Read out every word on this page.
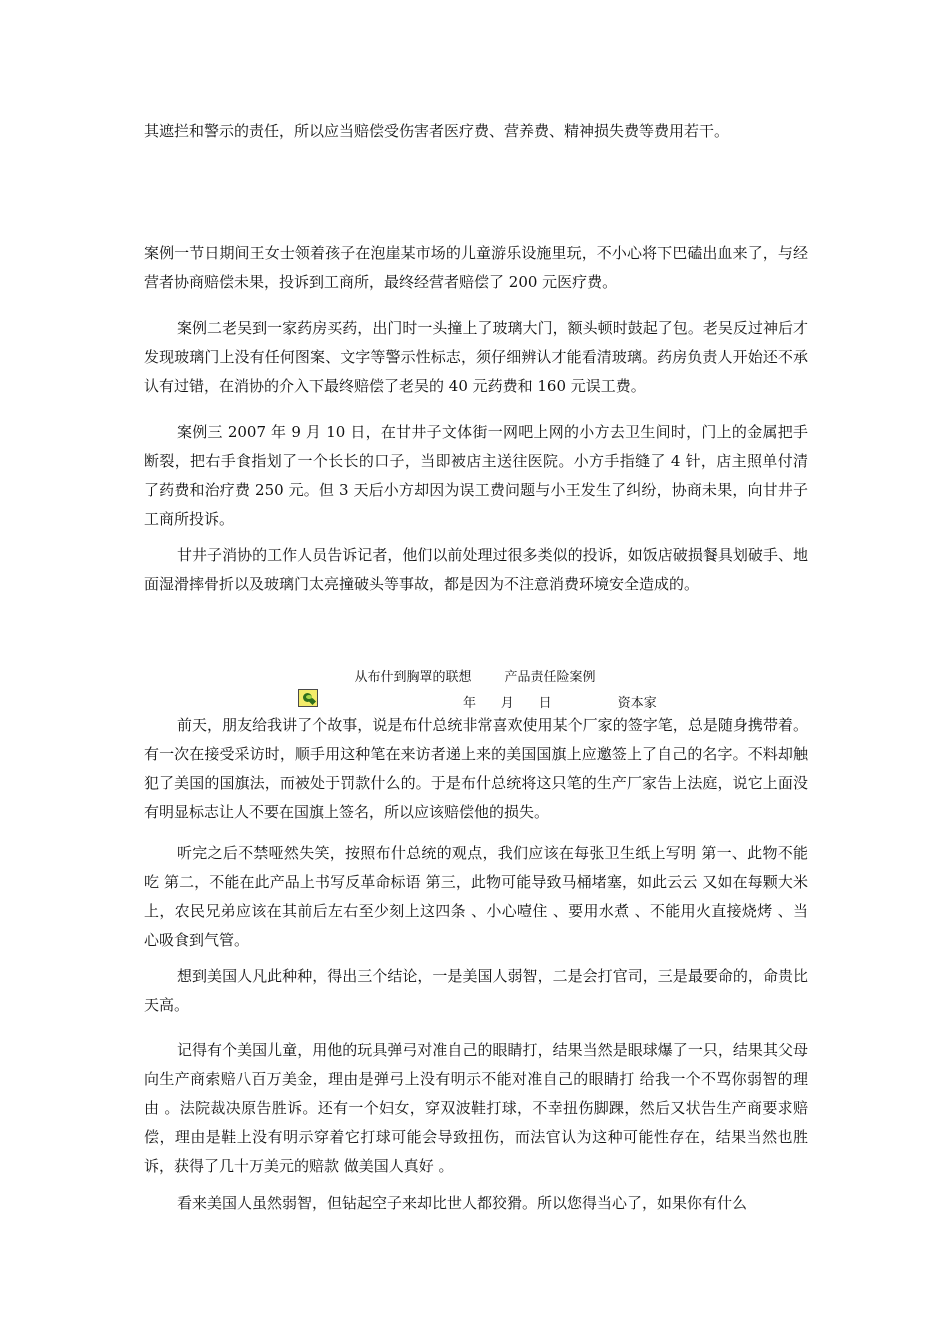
其遮拦和警示的责任，所以应当赔偿受伤害者医疗费、营养费、精神损失费等费用若干。

案例一节日期间王女士领着孩子在泡崖某市场的儿童游乐设施里玩，不小心将下巴磕出血来了，与经营者协商赔偿未果，投诉到工商所，最终经营者赔偿了 200 元医疗费。

案例二老吴到一家药房买药，出门时一头撞上了玻璃大门，额头顿时鼓起了包。老吴反过神后才发现玻璃门上没有任何图案、文字等警示性标志，须仔细辨认才能看清玻璃。药房负责人开始还不承认有过错，在消协的介入下最终赔偿了老吴的 40 元药费和 160 元误工费。

案例三 2007 年 9 月 10 日，在甘井子文体街一网吧上网的小方去卫生间时，门上的金属把手断裂，把右手食指划了一个长长的口子，当即被店主送往医院。小方手指缝了 4 针，店主照单付清了药费和治疗费 250 元。但 3 天后小方却因为误工费问题与小王发生了纠纷，协商未果，向甘井子工商所投诉。

甘井子消协的工作人员告诉记者，他们以前处理过很多类似的投诉，如饭店破损餐具划破手、地面湿滑摔骨折以及玻璃门太亮撞破头等事故，都是因为不注意消费环境安全造成的。

从布什到胸罩的联想        产品责任险案例
年      月      日                资本家

前天，朋友给我讲了个故事，说是布什总统非常喜欢使用某个厂家的签字笔，总是随身携带着。有一次在接受采访时，顺手用这种笔在来访者递上来的美国国旗上应邀签上了自己的名字。不料却触犯了美国的国旗法，而被处于罚款什么的。于是布什总统将这只笔的生产厂家告上法庭，说它上面没有明显标志让人不要在国旗上签名，所以应该赔偿他的损失。

听完之后不禁哑然失笑，按照布什总统的观点，我们应该在每张卫生纸上写明 第一、此物不能吃 第二，不能在此产品上书写反革命标语 第三，此物可能导致马桶堵塞，如此云云 又如在每颗大米上，农民兄弟应该在其前后左右至少刻上这四条 、小心噎住 、要用水煮 、不能用火直接烧烤 、当心吸食到气管。

想到美国人凡此种种，得出三个结论，一是美国人弱智，二是会打官司，三是最要命的，命贵比天高。

记得有个美国儿童，用他的玩具弹弓对准自己的眼睛打，结果当然是眼球爆了一只，结果其父母向生产商索赔八百万美金，理由是弹弓上没有明示不能对准自己的眼睛打 给我一个不骂你弱智的理由 。法院裁决原告胜诉。还有一个妇女，穿双波鞋打球，不幸扭伤脚踝，然后又状告生产商要求赔偿，理由是鞋上没有明示穿着它打球可能会导致扭伤，而法官认为这种可能性存在，结果当然也胜诉，获得了几十万美元的赔款 做美国人真好 。

看来美国人虽然弱智，但钻起空子来却比世人都狡猾。所以您得当心了，如果你有什么
